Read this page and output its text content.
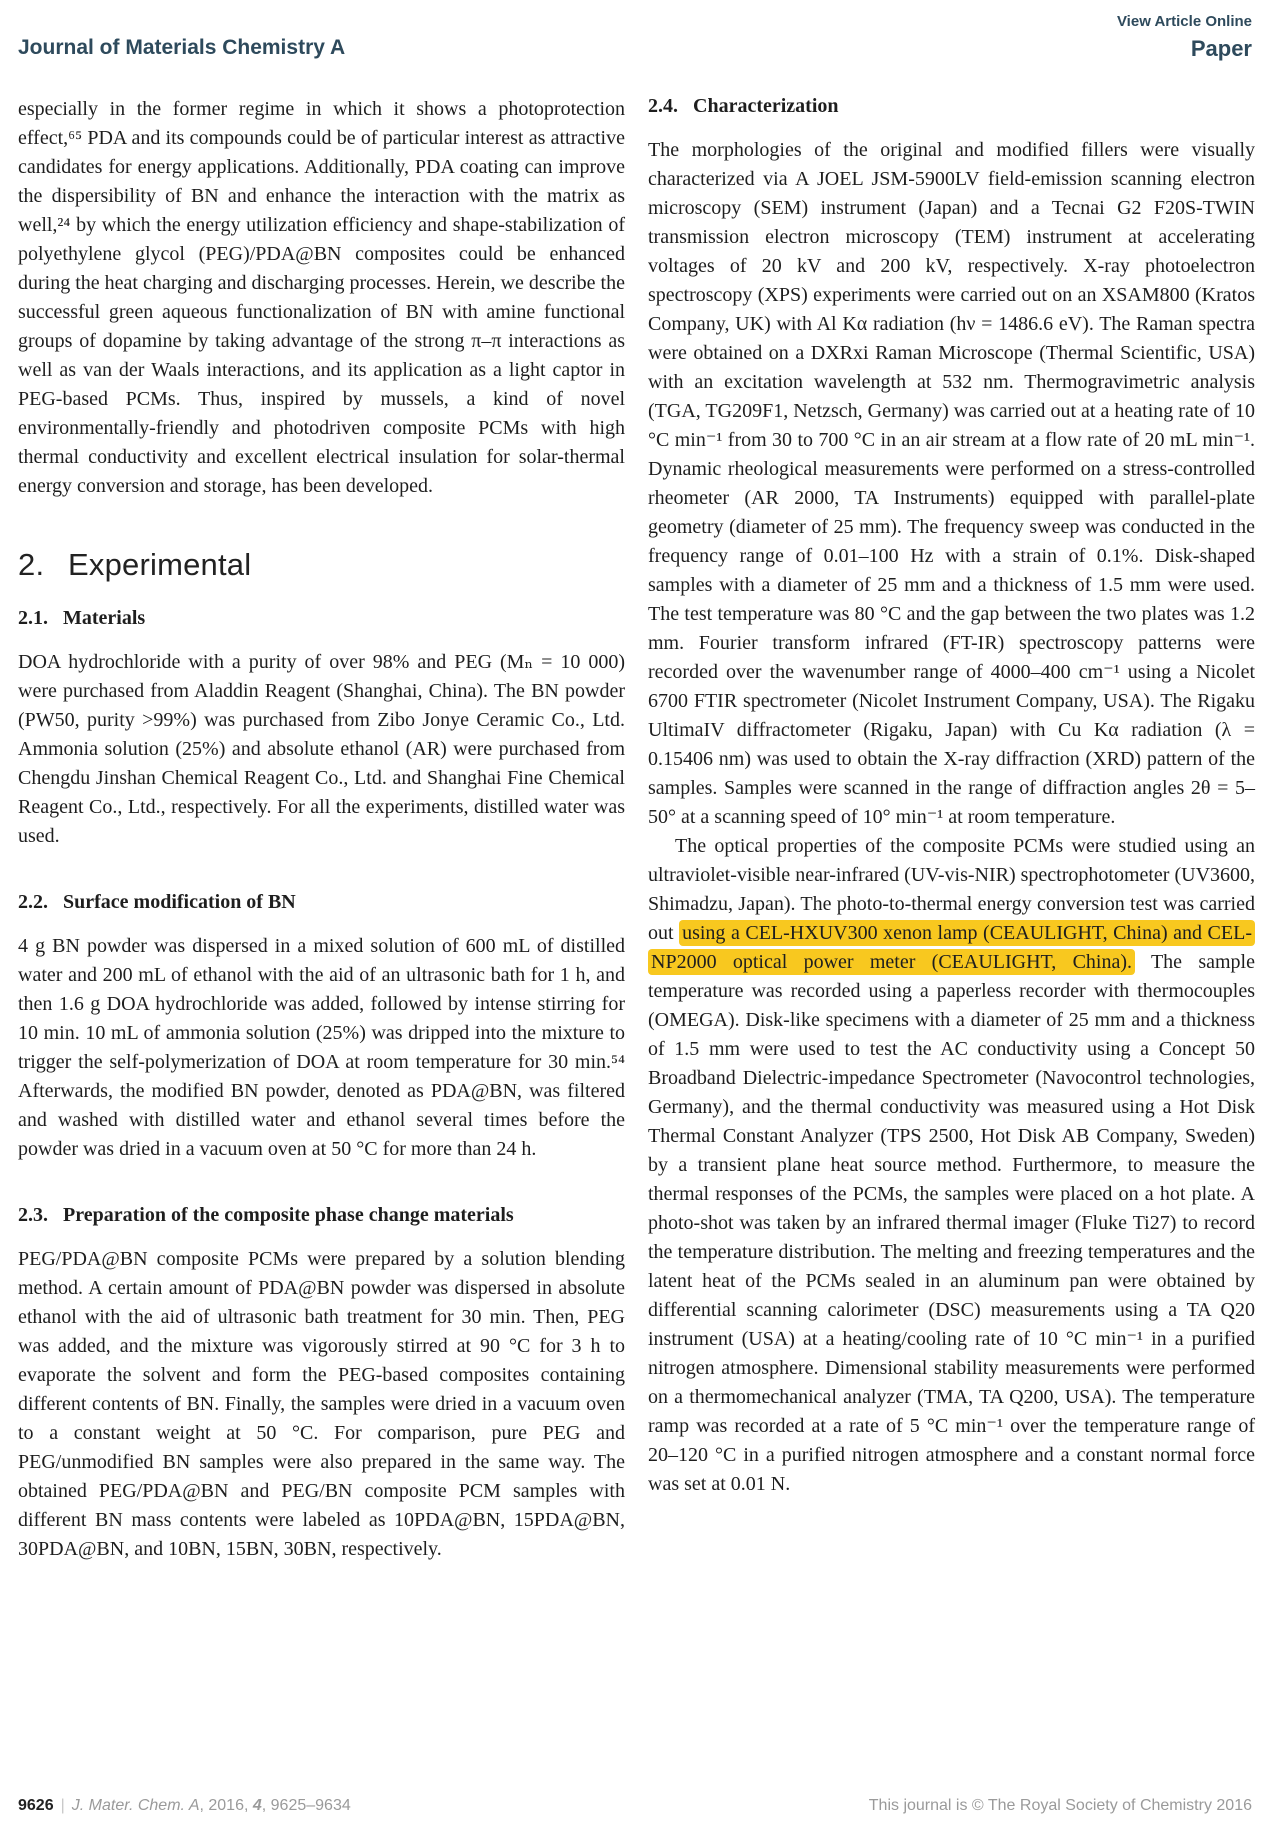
View Article Online
Journal of Materials Chemistry A	Paper

especially in the former regime in which it shows a photoprotection effect,⁶⁵ PDA and its compounds could be of particular interest as attractive candidates for energy applications. Additionally, PDA coating can improve the dispersibility of BN and enhance the interaction with the matrix as well,²⁴ by which the energy utilization efficiency and shape-stabilization of polyethylene glycol (PEG)/PDA@BN composites could be enhanced during the heat charging and discharging processes. Herein, we describe the successful green aqueous functionalization of BN with amine functional groups of dopamine by taking advantage of the strong π–π interactions as well as van der Waals interactions, and its application as a light captor in PEG-based PCMs. Thus, inspired by mussels, a kind of novel environmentally-friendly and photodriven composite PCMs with high thermal conductivity and excellent electrical insulation for solar-thermal energy conversion and storage, has been developed.

2. Experimental
2.1. Materials

DOA hydrochloride with a purity of over 98% and PEG (Mₙ = 10 000) were purchased from Aladdin Reagent (Shanghai, China). The BN powder (PW50, purity >99%) was purchased from Zibo Jonye Ceramic Co., Ltd. Ammonia solution (25%) and absolute ethanol (AR) were purchased from Chengdu Jinshan Chemical Reagent Co., Ltd. and Shanghai Fine Chemical Reagent Co., Ltd., respectively. For all the experiments, distilled water was used.

2.2. Surface modification of BN

4 g BN powder was dispersed in a mixed solution of 600 mL of distilled water and 200 mL of ethanol with the aid of an ultrasonic bath for 1 h, and then 1.6 g DOA hydrochloride was added, followed by intense stirring for 10 min. 10 mL of ammonia solution (25%) was dripped into the mixture to trigger the self-polymerization of DOA at room temperature for 30 min.⁵⁴ Afterwards, the modified BN powder, denoted as PDA@BN, was filtered and washed with distilled water and ethanol several times before the powder was dried in a vacuum oven at 50 °C for more than 24 h.

2.3. Preparation of the composite phase change materials

PEG/PDA@BN composite PCMs were prepared by a solution blending method. A certain amount of PDA@BN powder was dispersed in absolute ethanol with the aid of ultrasonic bath treatment for 30 min. Then, PEG was added, and the mixture was vigorously stirred at 90 °C for 3 h to evaporate the solvent and form the PEG-based composites containing different contents of BN. Finally, the samples were dried in a vacuum oven to a constant weight at 50 °C. For comparison, pure PEG and PEG/unmodified BN samples were also prepared in the same way. The obtained PEG/PDA@BN and PEG/BN composite PCM samples with different BN mass contents were labeled as 10PDA@BN, 15PDA@BN, 30PDA@BN, and 10BN, 15BN, 30BN, respectively.

2.4. Characterization

The morphologies of the original and modified fillers were visually characterized via A JOEL JSM-5900LV field-emission scanning electron microscopy (SEM) instrument (Japan) and a Tecnai G2 F20S-TWIN transmission electron microscopy (TEM) instrument at accelerating voltages of 20 kV and 200 kV, respectively. X-ray photoelectron spectroscopy (XPS) experiments were carried out on an XSAM800 (Kratos Company, UK) with Al Kα radiation (hν = 1486.6 eV). The Raman spectra were obtained on a DXRxi Raman Microscope (Thermal Scientific, USA) with an excitation wavelength at 532 nm. Thermogravimetric analysis (TGA, TG209F1, Netzsch, Germany) was carried out at a heating rate of 10 °C min⁻¹ from 30 to 700 °C in an air stream at a flow rate of 20 mL min⁻¹. Dynamic rheological measurements were performed on a stress-controlled rheometer (AR 2000, TA Instruments) equipped with parallel-plate geometry (diameter of 25 mm). The frequency sweep was conducted in the frequency range of 0.01–100 Hz with a strain of 0.1%. Disk-shaped samples with a diameter of 25 mm and a thickness of 1.5 mm were used. The test temperature was 80 °C and the gap between the two plates was 1.2 mm. Fourier transform infrared (FT-IR) spectroscopy patterns were recorded over the wavenumber range of 4000–400 cm⁻¹ using a Nicolet 6700 FTIR spectrometer (Nicolet Instrument Company, USA). The Rigaku UltimaIV diffractometer (Rigaku, Japan) with Cu Kα radiation (λ = 0.15406 nm) was used to obtain the X-ray diffraction (XRD) pattern of the samples. Samples were scanned in the range of diffraction angles 2θ = 5–50° at a scanning speed of 10° min⁻¹ at room temperature.

The optical properties of the composite PCMs were studied using an ultraviolet-visible near-infrared (UV-vis-NIR) spectrophotometer (UV3600, Shimadzu, Japan). The photo-to-thermal energy conversion test was carried out using a CEL-HXUV300 xenon lamp (CEAULIGHT, China) and CEL-NP2000 optical power meter (CEAULIGHT, China). The sample temperature was recorded using a paperless recorder with thermocouples (OMEGA). Disk-like specimens with a diameter of 25 mm and a thickness of 1.5 mm were used to test the AC conductivity using a Concept 50 Broadband Dielectric-impedance Spectrometer (Navocontrol technologies, Germany), and the thermal conductivity was measured using a Hot Disk Thermal Constant Analyzer (TPS 2500, Hot Disk AB Company, Sweden) by a transient plane heat source method. Furthermore, to measure the thermal responses of the PCMs, the samples were placed on a hot plate. A photo-shot was taken by an infrared thermal imager (Fluke Ti27) to record the temperature distribution. The melting and freezing temperatures and the latent heat of the PCMs sealed in an aluminum pan were obtained by differential scanning calorimeter (DSC) measurements using a TA Q20 instrument (USA) at a heating/cooling rate of 10 °C min⁻¹ in a purified nitrogen atmosphere. Dimensional stability measurements were performed on a thermomechanical analyzer (TMA, TA Q200, USA). The temperature ramp was recorded at a rate of 5 °C min⁻¹ over the temperature range of 20–120 °C in a purified nitrogen atmosphere and a constant normal force was set at 0.01 N.

9626 | J. Mater. Chem. A, 2016, 4, 9625–9634	This journal is © The Royal Society of Chemistry 2016
